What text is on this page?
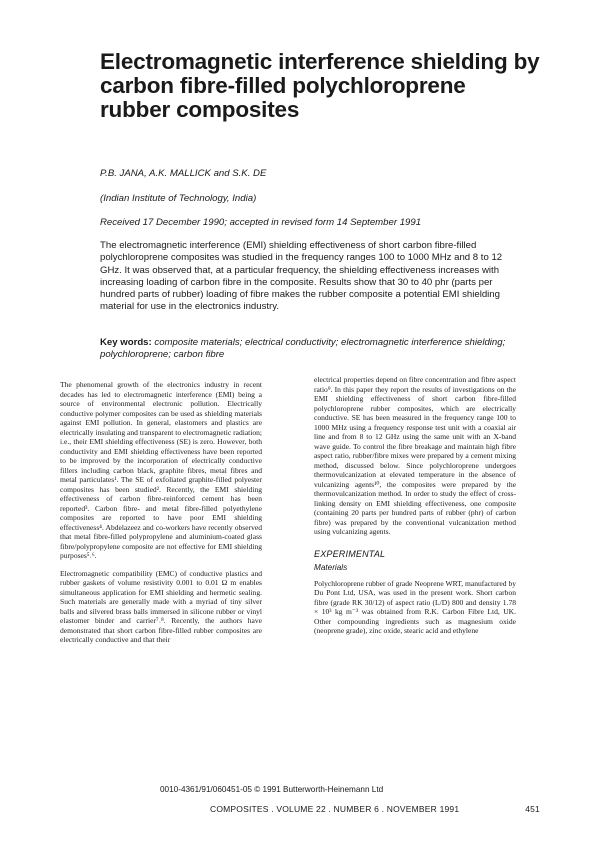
Electromagnetic interference shielding by carbon fibre-filled polychloroprene rubber composites
P.B. JANA, A.K. MALLICK and S.K. DE
(Indian Institute of Technology, India)
Received 17 December 1990; accepted in revised form 14 September 1991

The electromagnetic interference (EMI) shielding effectiveness of short carbon fibre-filled polychloroprene composites was studied in the frequency ranges 100 to 1000 MHz and 8 to 12 GHz. It was observed that, at a particular frequency, the shielding effectiveness increases with increasing loading of carbon fibre in the composite. Results show that 30 to 40 phr (parts per hundred parts of rubber) loading of fibre makes the rubber composite a potential EMI shielding material for use in the electronics industry.

Key words: composite materials; electrical conductivity; electromagnetic interference shielding; polychloroprene; carbon fibre

The phenomenal growth of the electronics industry in recent decades has led to electromagnetic interference (EMI) being a source of environmental electronic pollution. Electrically conductive polymer composites can be used as shielding materials against EMI pollution. In general, elastomers and plastics are electrically insulating and transparent to electromagnetic radiation; i.e., their EMI shielding effectiveness (SE) is zero. However, both conductivity and EMI shielding effectiveness have been reported to be improved by the incorporation of electrically conductive fillers including carbon black, graphite fibres, metal fibres and metal particulates¹. The SE of exfoliated graphite-filled polyester composites has been studied². Recently, the EMI shielding effectiveness of carbon fibre-reinforced cement has been reported³. Carbon fibre- and metal fibre-filled polyethylene composites are reported to have poor EMI shielding effectiveness⁴. Abdelazeez and co-workers have recently observed that metal fibre-filled polypropylene and aluminium-coated glass fibre/polypropylene composite are not effective for EMI shielding purposes⁵˒⁶.

Electromagnetic compatibility (EMC) of conductive plastics and rubber gaskets of volume resistivity 0.001 to 0.01 Ω m enables simultaneous application for EMI shielding and hermetic sealing. Such materials are generally made with a myriad of tiny silver balls and silvered brass balls immersed in silicone rubber or vinyl elastomer binder and carrier⁷˒⁸. Recently, the authors have demonstrated that short carbon fibre-filled rubber composites are electrically conductive and that their

electrical properties depend on fibre concentration and fibre aspect ratio⁹. In this paper they report the results of investigations on the EMI shielding effectiveness of short carbon fibre-filled polychloroprene rubber composites, which are electrically conductive. SE has been measured in the frequency range 100 to 1000 MHz using a frequency response test unit with a coaxial air line and from 8 to 12 GHz using the same unit with an X-band wave guide. To control the fibre breakage and maintain high fibre aspect ratio, rubber/fibre mixes were prepared by a cement mixing method, discussed below. Since polychloroprene undergoes thermovulcanization at elevated temperature in the absence of vulcanizing agents¹⁰, the composites were prepared by the thermovulcanization method. In order to study the effect of cross-linking density on EMI shielding effectiveness, one composite (containing 20 parts per hundred parts of rubber (phr) of carbon fibre) was prepared by the conventional vulcanization method using vulcanizing agents.

EXPERIMENTAL
Materials

Polychloroprene rubber of grade Neoprene WRT, manufactured by Du Pont Ltd, USA, was used in the present work. Short carbon fibre (grade RK 30/12) of aspect ratio (L/D) 800 and density 1.78 × 10³ kg m⁻³ was obtained from R.K. Carbon Fibre Ltd, UK. Other compounding ingredients such as magnesium oxide (neoprene grade), zinc oxide, stearic acid and ethylene

0010-4361/91/060451-05 © 1991 Butterworth-Heinemann Ltd
COMPOSITES . VOLUME 22 . NUMBER 6 . NOVEMBER 1991	451
